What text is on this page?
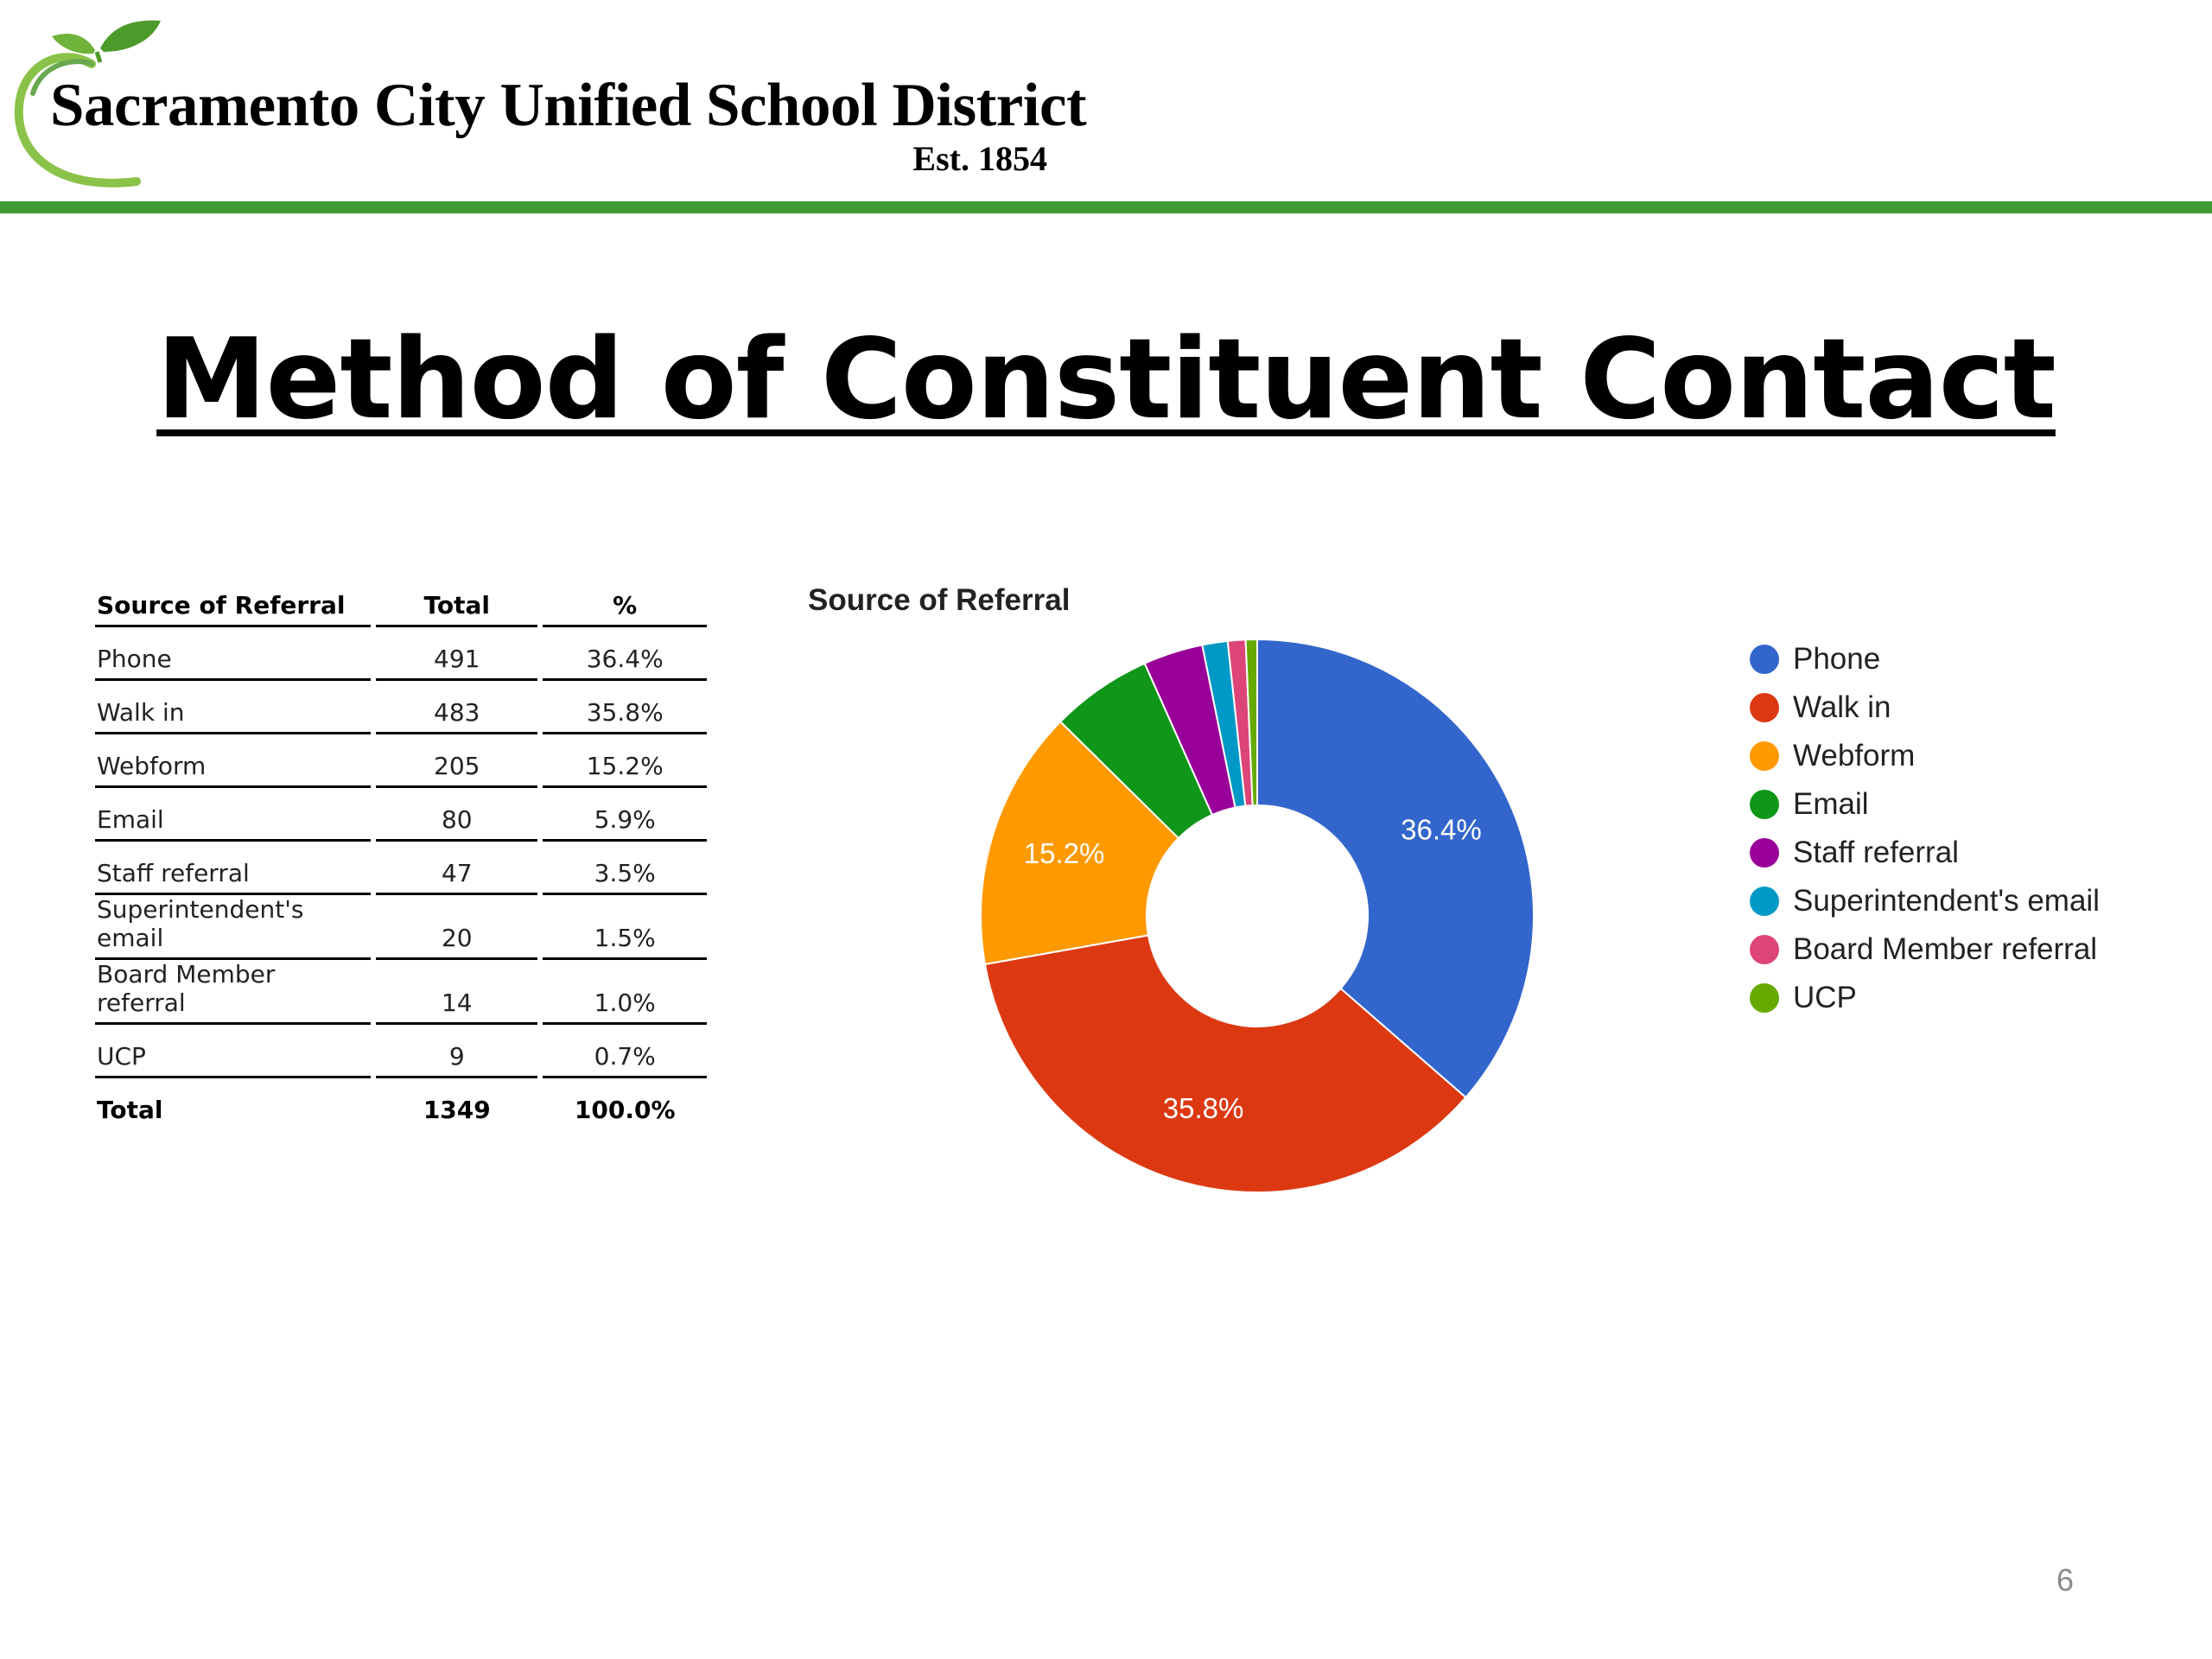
Sacramento City Unified School District
Est. 1854
Method of Constituent Contact
Source of Referral	Total	%
Phone	491	36.4%
Walk in	483	35.8%
Webform	205	15.2%
Email	80	5.9%
Staff referral	47	3.5%
Superintendent's email	20	1.5%
Board Member referral	14	1.0%
UCP	9	0.7%
Total	1349	100.0%
Source of Referral
36.4%
35.8%
15.2%
Phone
Walk in
Webform
Email
Staff referral
Superintendent's email
Board Member referral
UCP
6
